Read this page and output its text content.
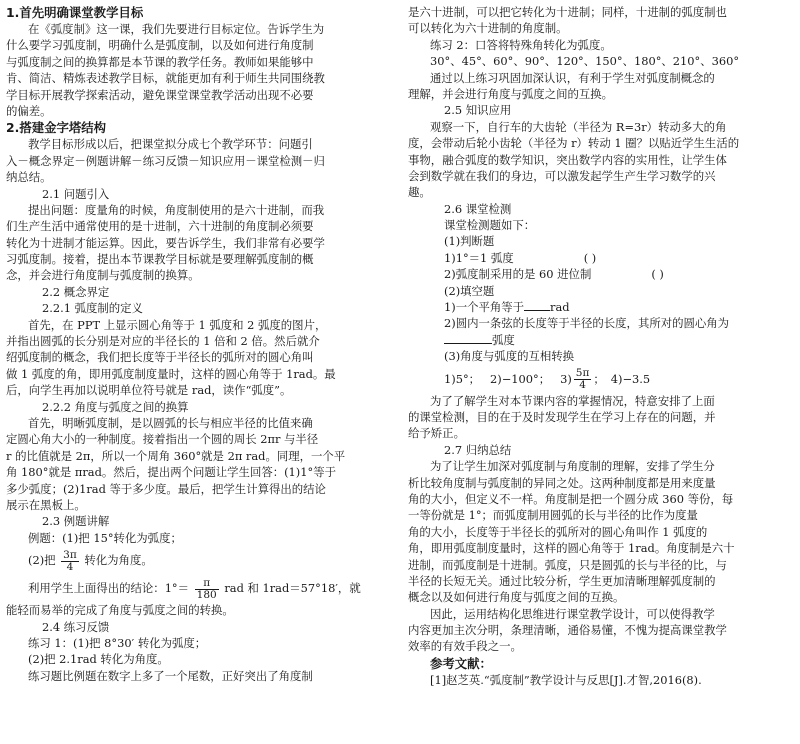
1.首先明确课堂教学目标
在《弧度制》这一课，我们先要进行目标定位。告诉学生为
什么要学习弧度制，明确什么是弧度制，以及如何进行角度制
与弧度制之间的换算都是本节课的教学任务。教师如果能够中
肯、简洁、精炼表述教学目标，就能更加有利于师生共同围绕教
学目标开展教学探索活动，避免课堂课堂教学活动出现不必要
的偏差。
2.搭建金字塔结构
教学目标形成以后，把课堂拟分成七个教学环节：问题引
入－概念界定－例题讲解－练习反馈－知识应用－课堂检测－归
纳总结。
2.1 问题引入
提出问题：度量角的时候，角度制使用的是六十进制，而我
们生产生活中通常使用的是十进制，六十进制的角度制必须要
转化为十进制才能运算。因此，要告诉学生，我们非常有必要学
习弧度制。接着，提出本节课教学目标就是要理解弧度制的概
念，并会进行角度制与弧度制的换算。
2.2 概念界定
2.2.1 弧度制的定义
首先，在 PPT 上显示圆心角等于 1 弧度和 2 弧度的图片，
并指出圆弧的长分别是对应的半径长的 1 倍和 2 倍。然后就介
绍弧度制的概念，我们把长度等于半径长的弧所对的圆心角叫
做 1 弧度的角，即用弧度制度量时，这样的圆心角等于 1rad。最
后，向学生再加以说明单位符号就是 rad，读作“弧度”。
2.2.2 角度与弧度之间的换算
首先，明晰弧度制，是以圆弧的长与相应半径的比值来确
定圆心角大小的一种制度。接着指出一个圆的周长 2πr 与半径
r 的比值就是 2π，所以一个周角 360°就是 2π rad。同理，一个平
角 180°就是 πrad。然后，提出两个问题让学生回答：(1)1°等于
多少弧度；(2)1rad 等于多少度。最后，把学生计算得出的结论
展示在黑板上。
2.3 例题讲解
例题：(1)把 15°转化为弧度；
(2)把 $\frac{3\pi}{4}$ 转化为角度。
利用学生上面得出的结论：$1^\circ= \frac{\pi}{180}$ rad 和 1rad＝57°18′，就
能轻而易举的完成了角度与弧度之间的转换。
2.4 练习反馈
练习 1：(1)把 8°30′ 转化为弧度；
(2)把 2.1rad 转化为角度。
练习题比例题在数字上多了一个尾数，正好突出了角度制
是六十进制，可以把它转化为十进制；同样，十进制的弧度制也
可以转化为六十进制的角度制。
练习 2：口答将特殊角转化为弧度。
30°、45°、60°、90°、120°、150°、180°、210°、360°
通过以上练习巩固加深认识，有利于学生对弧度制概念的
理解，并会进行角度与弧度之间的互换。
2.5 知识应用
观察一下，自行车的大齿轮（半径为 R=3r）转动多大的角
度，会带动后轮小齿轮（半径为 r）转动 1 圈？以贴近学生生活的
事物，融合弧度的数学知识，突出数学内容的实用性，让学生体
会到数学就在我们的身边，可以激发起学生产生学习数学的兴
趣。
2.6 课堂检测
课堂检测题如下：
(1)判断题
1)1°＝1 弧度	( )
2)弧度制采用的是 60 进位制	( )
(2)填空题
1)一个平角等于 rad
2)圆内一条弦的长度等于半径的长度，其所对的圆心角为
弧度
(3)角度与弧度的互相转换
1)5°； 2)−100°； $3) \frac{5\pi}{4}$ ； 4)−3.5
为了了解学生对本节课内容的掌握情况，特意安排了上面
的课堂检测，目的在于及时发现学生在学习上存在的问题，并
给予矫正。
2.7 归纳总结
为了让学生加深对弧度制与角度制的理解，安排了学生分
析比较角度制与弧度制的异同之处。这两种制度都是用来度量
角的大小，但定义不一样。角度制是把一个圆分成 360 等份，每
一等份就是 1°；而弧度制用圆弧的长与半径的比作为度量
角的大小，长度等于半径长的弧所对的圆心角叫作 1 弧度的
角，即用弧度制度量时，这样的圆心角等于 1rad。角度制是六十
进制，而弧度制是十进制。弧度，只是圆弧的长与半径的比，与
半径的长短无关。通过比较分析，学生更加清晰理解弧度制的
概念以及如何进行角度与弧度之间的互换。
因此，运用结构化思维进行课堂教学设计，可以使得教学
内容更加主次分明，条理清晰，通俗易懂，不愧为提高课堂教学
效率的有效手段之一。
参考文献：
[1]赵芝英.“弧度制”教学设计与反思[J].才智,2016(8).
